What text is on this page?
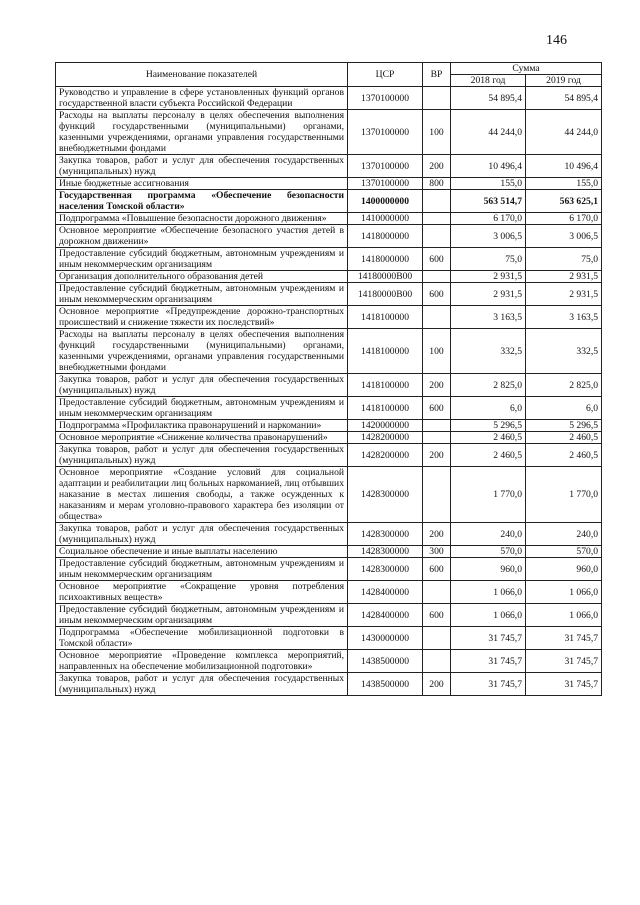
146
Наименование показателей	ЦСР	ВР	Сумма	
			2018 год	2019 год
Руководство и управление в сфере установленных функций органов государственной власти субъекта Российской Федерации	1370100000		54 895,4	54 895,4
Расходы на выплаты персоналу в целях обеспечения выполнения функций государственными (муниципальными) органами, казенными учреждениями, органами управления государственными внебюджетными фондами	1370100000	100	44 244,0	44 244,0
Закупка товаров, работ и услуг для обеспечения государственных (муниципальных) нужд	1370100000	200	10 496,4	10 496,4
Иные бюджетные ассигнования	1370100000	800	155,0	155,0
Государственная программа «Обеспечение безопасности населения Томской области»	1400000000		563 514,7	563 625,1
Подпрограмма «Повышение безопасности дорожного движения»	1410000000		6 170,0	6 170,0
Основное мероприятие «Обеспечение безопасного участия детей в дорожном движении»	1418000000		3 006,5	3 006,5
Предоставление субсидий бюджетным, автономным учреждениям и иным некоммерческим организациям	1418000000	600	75,0	75,0
Организация дополнительного образования детей	14180000В00		2 931,5	2 931,5
Предоставление субсидий бюджетным, автономным учреждениям и иным некоммерческим организациям	14180000В00	600	2 931,5	2 931,5
Основное мероприятие «Предупреждение дорожно-транспортных происшествий и снижение тяжести их последствий»	1418100000		3 163,5	3 163,5
Расходы на выплаты персоналу в целях обеспечения выполнения функций государственными (муниципальными) органами, казенными учреждениями, органами управления государственными внебюджетными фондами	1418100000	100	332,5	332,5
Закупка товаров, работ и услуг для обеспечения государственных (муниципальных) нужд	1418100000	200	2 825,0	2 825,0
Предоставление субсидий бюджетным, автономным учреждениям и иным некоммерческим организациям	1418100000	600	6,0	6,0
Подпрограмма «Профилактика правонарушений и наркомании»	1420000000		5 296,5	5 296,5
Основное мероприятие «Снижение количества правонарушений»	1428200000		2 460,5	2 460,5
Закупка товаров, работ и услуг для обеспечения государственных (муниципальных) нужд	1428200000	200	2 460,5	2 460,5
Основное мероприятие «Создание условий для социальной адаптации и реабилитации лиц больных наркоманией, лиц отбывших наказание в местах лишения свободы, а также осужденных к наказаниям и мерам уголовно-правового характера без изоляции от общества»	1428300000		1 770,0	1 770,0
Закупка товаров, работ и услуг для обеспечения государственных (муниципальных) нужд	1428300000	200	240,0	240,0
Социальное обеспечение и иные выплаты населению	1428300000	300	570,0	570,0
Предоставление субсидий бюджетным, автономным учреждениям и иным некоммерческим организациям	1428300000	600	960,0	960,0
Основное мероприятие «Сокращение уровня потребления психоактивных веществ»	1428400000		1 066,0	1 066,0
Предоставление субсидий бюджетным, автономным учреждениям и иным некоммерческим организациям	1428400000	600	1 066,0	1 066,0
Подпрограмма «Обеспечение мобилизационной подготовки в Томской области»	1430000000		31 745,7	31 745,7
Основное мероприятие «Проведение комплекса мероприятий, направленных на обеспечение мобилизационной подготовки»	1438500000		31 745,7	31 745,7
Закупка товаров, работ и услуг для обеспечения государственных (муниципальных) нужд	1438500000	200	31 745,7	31 745,7
